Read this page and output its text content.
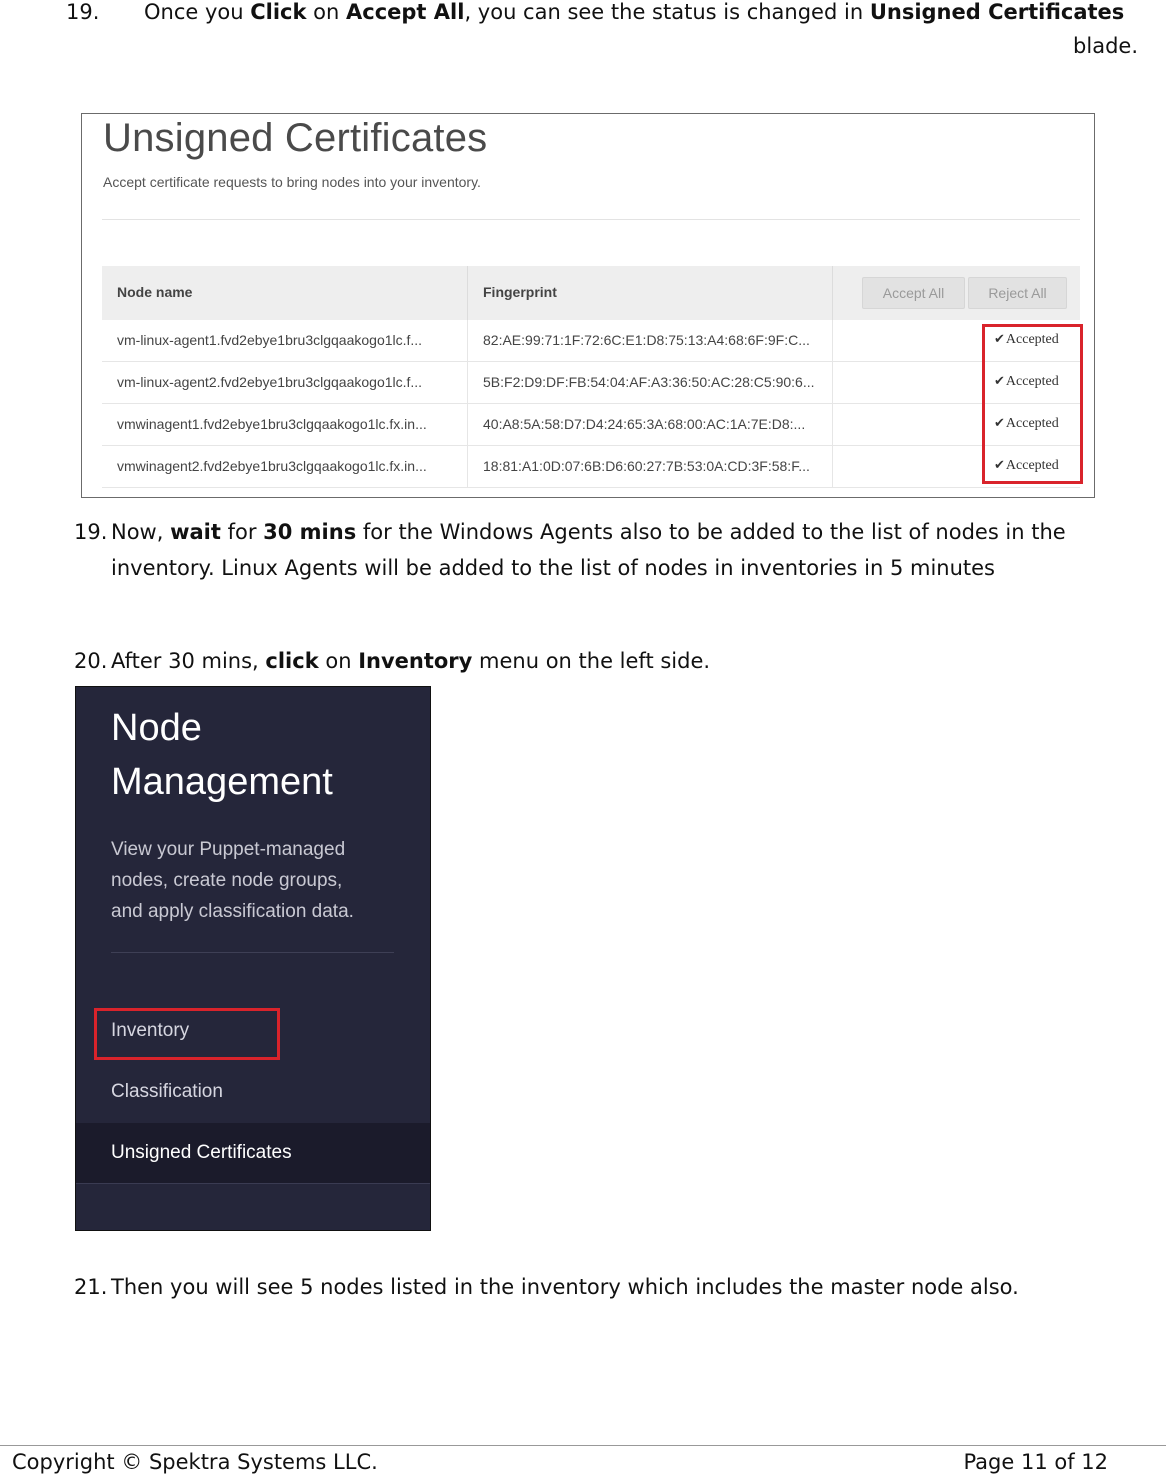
19. Once you Click on Accept All, you can see the status is changed in Unsigned Certificates
blade.
Unsigned Certificates
Accept certificate requests to bring nodes into your inventory.
Node name	Fingerprint	Accept All	Reject All
vm-linux-agent1.fvd2ebye1bru3clgqaakogo1lc.f...	82:AE:99:71:1F:72:6C:E1:D8:75:13:A4:68:6F:9F:C...	✔Accepted
vm-linux-agent2.fvd2ebye1bru3clgqaakogo1lc.f...	5B:F2:D9:DF:FB:54:04:AF:A3:36:50:AC:28:C5:90:6...	✔Accepted
vmwinagent1.fvd2ebye1bru3clgqaakogo1lc.fx.in...	40:A8:5A:58:D7:D4:24:65:3A:68:00:AC:1A:7E:D8:...	✔Accepted
vmwinagent2.fvd2ebye1bru3clgqaakogo1lc.fx.in...	18:81:A1:0D:07:6B:D6:60:27:7B:53:0A:CD:3F:58:F...	✔Accepted
19. Now, wait for 30 mins for the Windows Agents also to be added to the list of nodes in the
inventory. Linux Agents will be added to the list of nodes in inventories in 5 minutes
20. After 30 mins, click on Inventory menu on the left side.
Node
Management
View your Puppet-managed
nodes, create node groups,
and apply classification data.
Inventory
Classification
Unsigned Certificates
21. Then you will see 5 nodes listed in the inventory which includes the master node also.
Copyright © Spektra Systems LLC.	Page 11 of 12
